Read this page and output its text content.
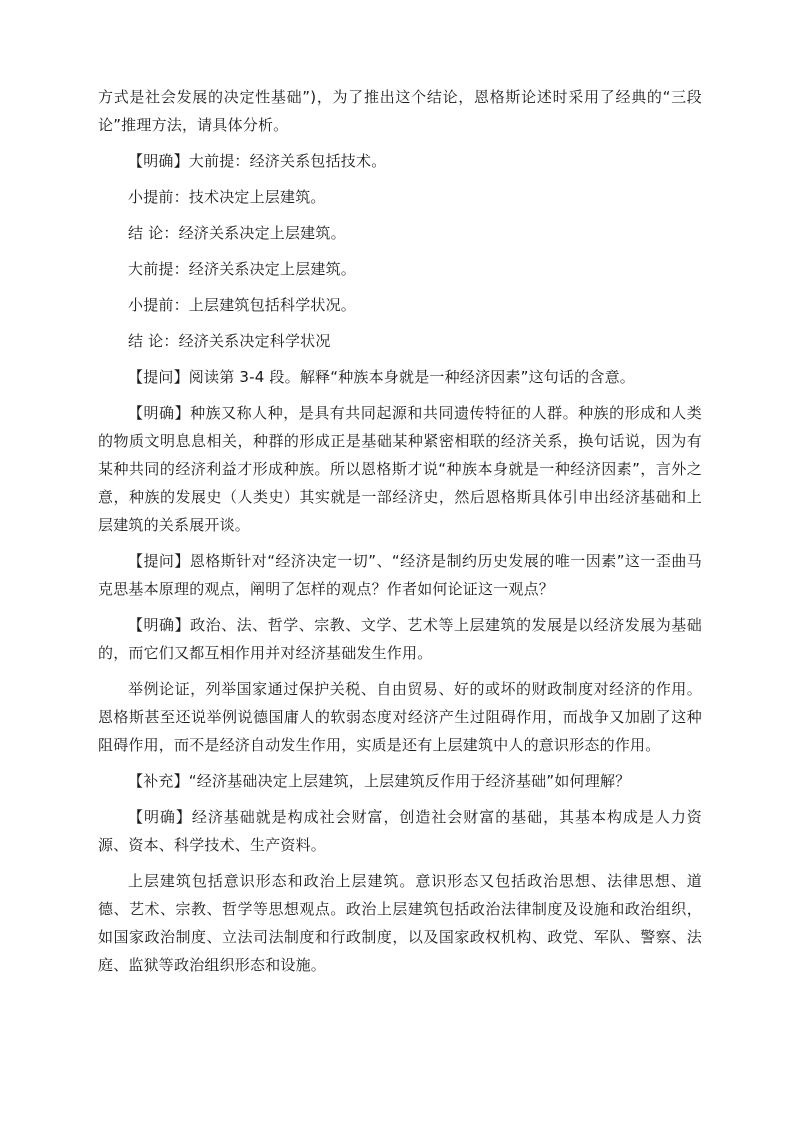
方式是社会发展的决定性基础”)，为了推出这个结论，恩格斯论述时采用了经典的“三段论”推理方法，请具体分析。

【明确】大前提：经济关系包括技术。

小提前：技术决定上层建筑。

结 论：经济关系决定上层建筑。

大前提：经济关系决定上层建筑。

小提前：上层建筑包括科学状况。

结 论：经济关系决定科学状况

【提问】阅读第 3-4 段。解释“种族本身就是一种经济因素”这句话的含意。

【明确】种族又称人种，是具有共同起源和共同遗传特征的人群。种族的形成和人类的物质文明息息相关，种群的形成正是基础某种紧密相联的经济关系，换句话说，因为有某种共同的经济利益才形成种族。所以恩格斯才说“种族本身就是一种经济因素”，言外之意，种族的发展史（人类史）其实就是一部经济史，然后恩格斯具体引申出经济基础和上层建筑的关系展开谈。

【提问】恩格斯针对“经济决定一切”、“经济是制约历史发展的唯一因素”这一歪曲马克思基本原理的观点，阐明了怎样的观点？作者如何论证这一观点？

【明确】政治、法、哲学、宗教、文学、艺术等上层建筑的发展是以经济发展为基础的，而它们又都互相作用并对经济基础发生作用。

举例论证，列举国家通过保护关税、自由贸易、好的或坏的财政制度对经济的作用。恩格斯甚至还说举例说德国庸人的软弱态度对经济产生过阻碍作用，而战争又加剧了这种阻碍作用，而不是经济自动发生作用，实质是还有上层建筑中人的意识形态的作用。

【补充】“经济基础决定上层建筑，上层建筑反作用于经济基础”如何理解？

【明确】经济基础就是构成社会财富，创造社会财富的基础，其基本构成是人力资源、资本、科学技术、生产资料。

上层建筑包括意识形态和政治上层建筑。意识形态又包括政治思想、法律思想、道德、艺术、宗教、哲学等思想观点。政治上层建筑包括政治法律制度及设施和政治组织，如国家政治制度、立法司法制度和行政制度，以及国家政权机构、政党、军队、警察、法庭、监狱等政治组织形态和设施。
